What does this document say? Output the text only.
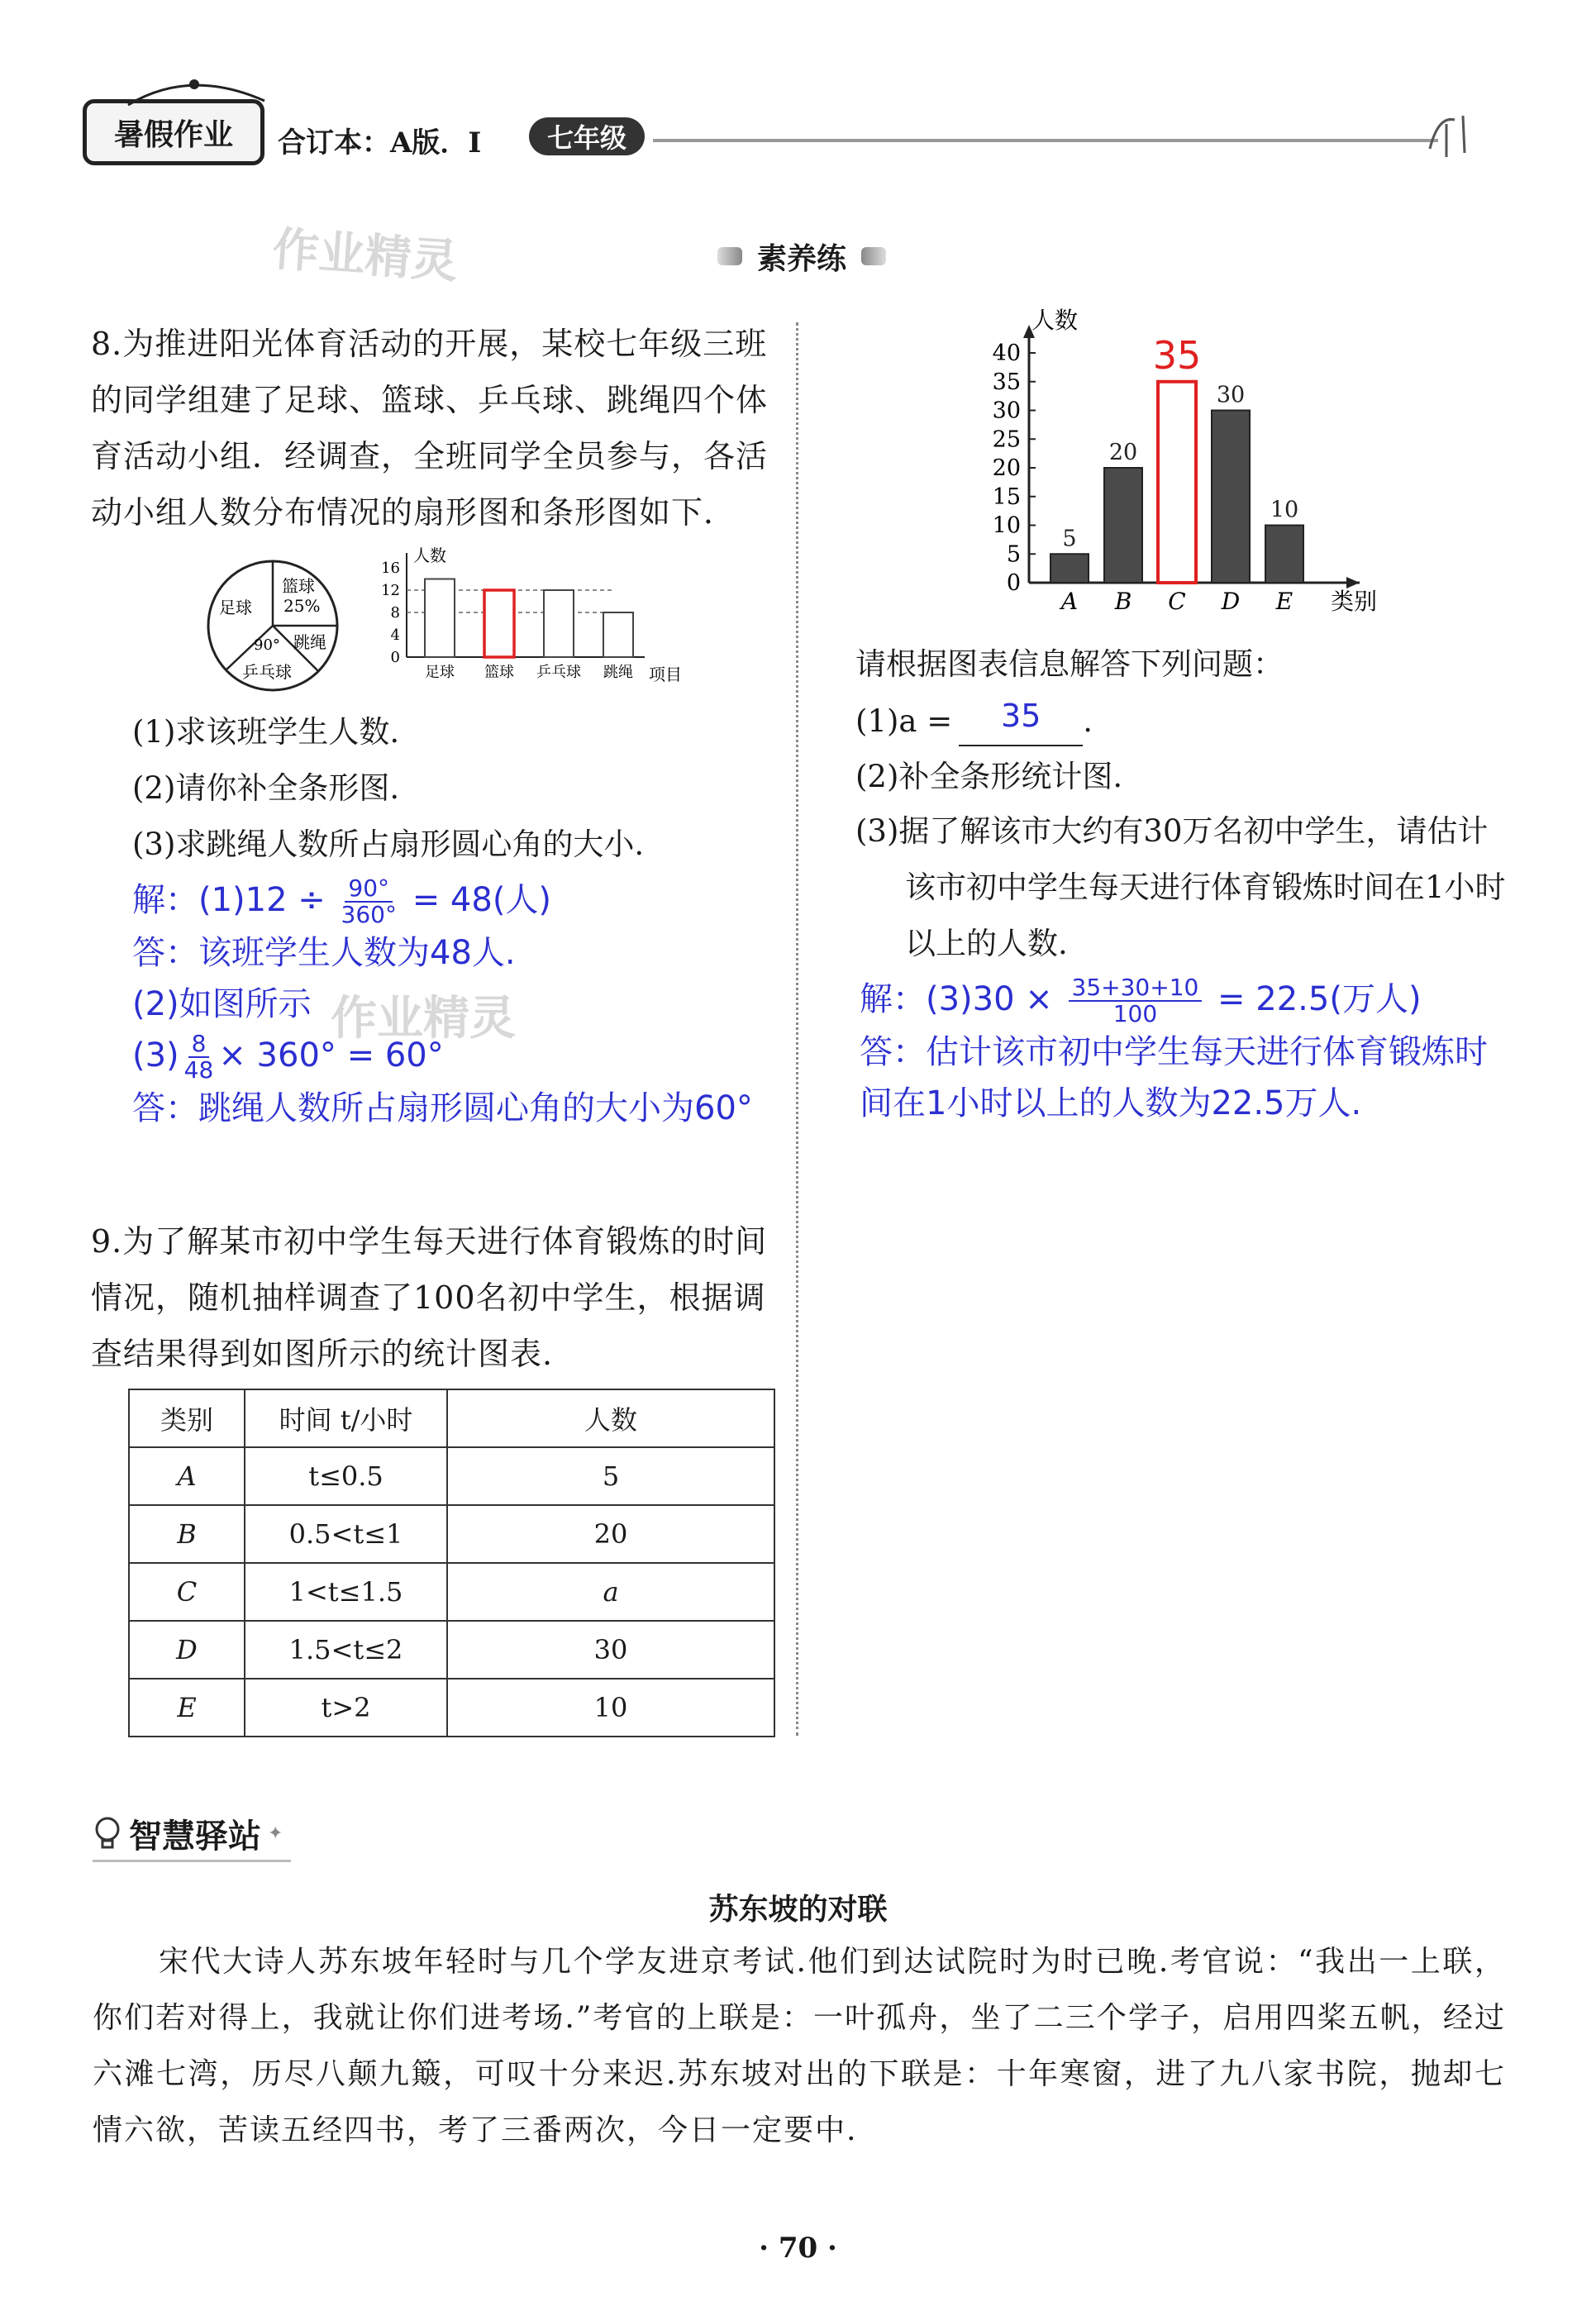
暑假作业 合订本：A版．I 七年级
作业精灵	素养练
8.为推进阳光体育活动的开展，某校七年级三班的同学组建了足球、篮球、乒乓球、跳绳四个体育活动小组．经调查，全班同学全员参与，各活动小组人数分布情况的扇形图和条形图如下．
足球
篮球
25%
90° 跳绳
乒乓球
人数
项目
0
4
8
12
16
足球 篮球 乒乓球 跳绳
(1)求该班学生人数.
(2)请你补全条形图.
(3)求跳绳人数所占扇形圆心角的大小.
解：$(1)12 \div \frac{90^\circ}{360^\circ} = 48$(人)
答：该班学生人数为48人.
(2)如图所示
$(3) \frac{8}{48} \times 360^\circ = 60^\circ$
答：跳绳人数所占扇形圆心角的大小为60°
作业精灵
9.为了解某市初中学生每天进行体育锻炼的时间情况，随机抽样调查了100名初中学生，根据调查结果得到如图所示的统计图表.
类别	时间 t/小时	人数
A	t≤0.5	5
B	0.5<t≤1	20
C	1<t≤1.5	a
D	1.5<t≤2	30
E	t>2	10
人数
类别
0
5
10
15
20
25
30
35
40
5
A
20
B
35
C
30
D
10
E
请根据图表信息解答下列问题：
(1)a = 35 .
(2)补全条形统计图.
(3)据了解该市大约有30万名初中学生，请估计该市初中学生每天进行体育锻炼时间在1小时以上的人数.
解：$(3)30 \times \frac{35+30+10}{100} = 22.5$(万人)
答：估计该市初中学生每天进行体育锻炼时间在1小时以上的人数为22.5万人.
智慧驿站 ✦
苏东坡的对联
宋代大诗人苏东坡年轻时与几个学友进京考试.他们到达试院时为时已晚.考官说：“我出一上联，你们若对得上，我就让你们进考场.”考官的上联是：一叶孤舟，坐了二三个学子，启用四桨五帆，经过六滩七湾，历尽八颠九簸，可叹十分来迟.苏东坡对出的下联是：十年寒窗，进了九八家书院，抛却七情六欲，苦读五经四书，考了三番两次，今日一定要中.
· 70 ·
